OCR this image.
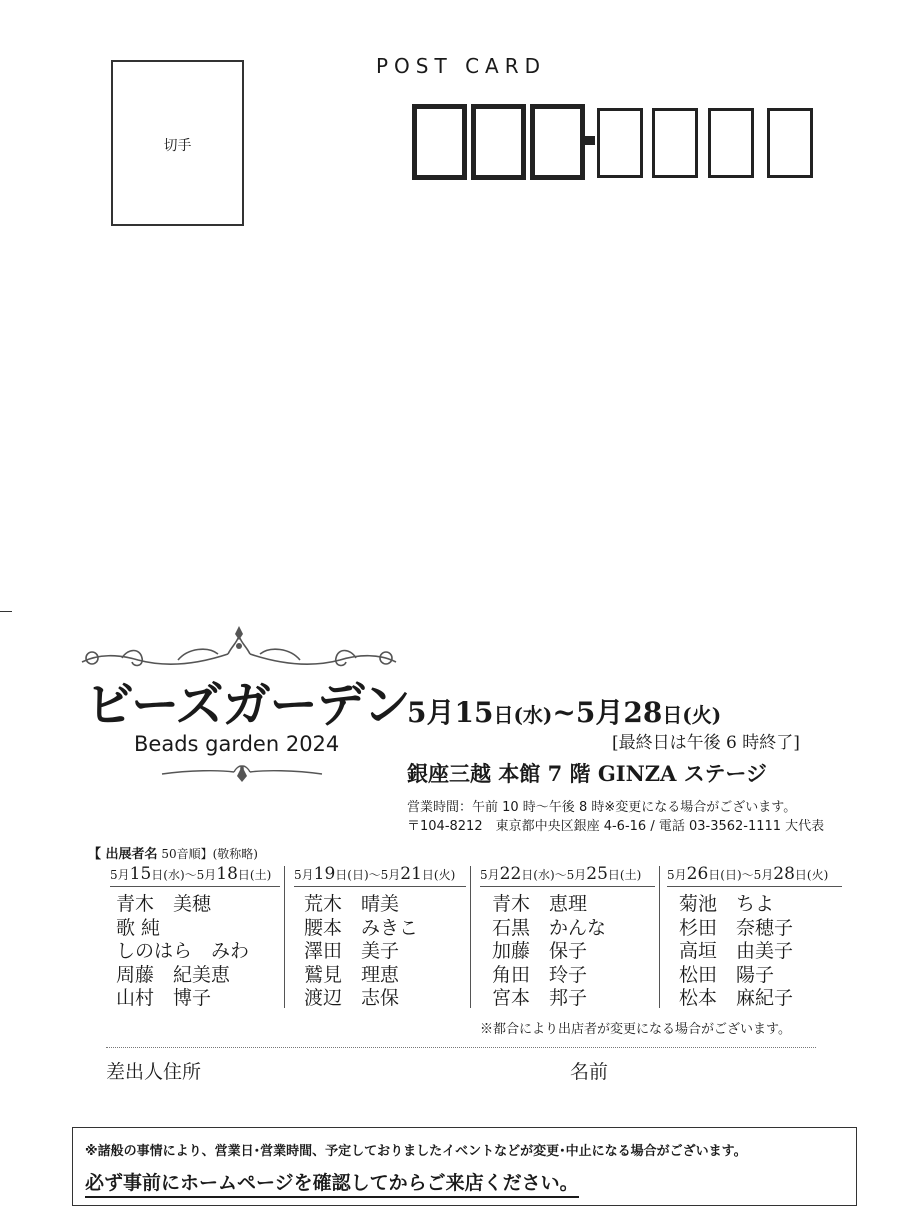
切手
POST CARD
ビーズガーデン
Beads garden 2024
5月15日(水)~5月28日(火)
[最終日は午後 6 時終了]
銀座三越 本館 7 階 GINZA ステージ
営業時間：午前 10 時〜午後 8 時※変更になる場合がございます。
〒104-8212　東京都中央区銀座 4-6-16 / 電話 03-3562-1111 大代表
【 出展者名 50音順】(敬称略)
5月15日(水)〜5月18日(土)
青木　美穂
歌 純
しのはら　みわ
周藤　紀美恵
山村　博子
5月19日(日)〜5月21日(火)
荒木　晴美
腰本　みきこ
澤田　美子
鷲見　理恵
渡辺　志保
5月22日(水)〜5月25日(土)
青木　恵理
石黒　かんな
加藤　保子
角田　玲子
宮本　邦子
5月26日(日)〜5月28日(火)
菊池　ちよ
杉田　奈穂子
高垣　由美子
松田　陽子
松本　麻紀子
※都合により出店者が変更になる場合がございます。
差出人住所	名前
※諸般の事情により、営業日･営業時間、予定しておりましたイベントなどが変更･中止になる場合がございます。
必ず事前にホームページを確認してからご来店ください。
